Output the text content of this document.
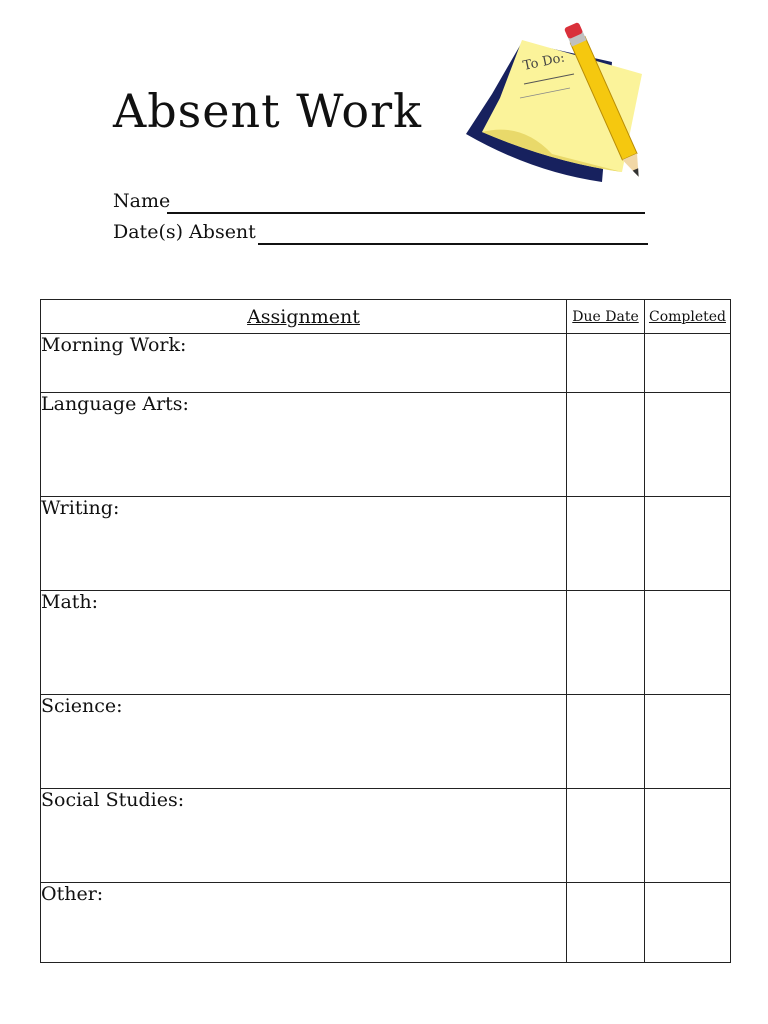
Absent Work
To Do:
Name
Date(s) Absent
Assignment	Due Date	Completed
Morning Work:		
Language Arts:		
Writing:		
Math:		
Science:		
Social Studies:		
Other:		
